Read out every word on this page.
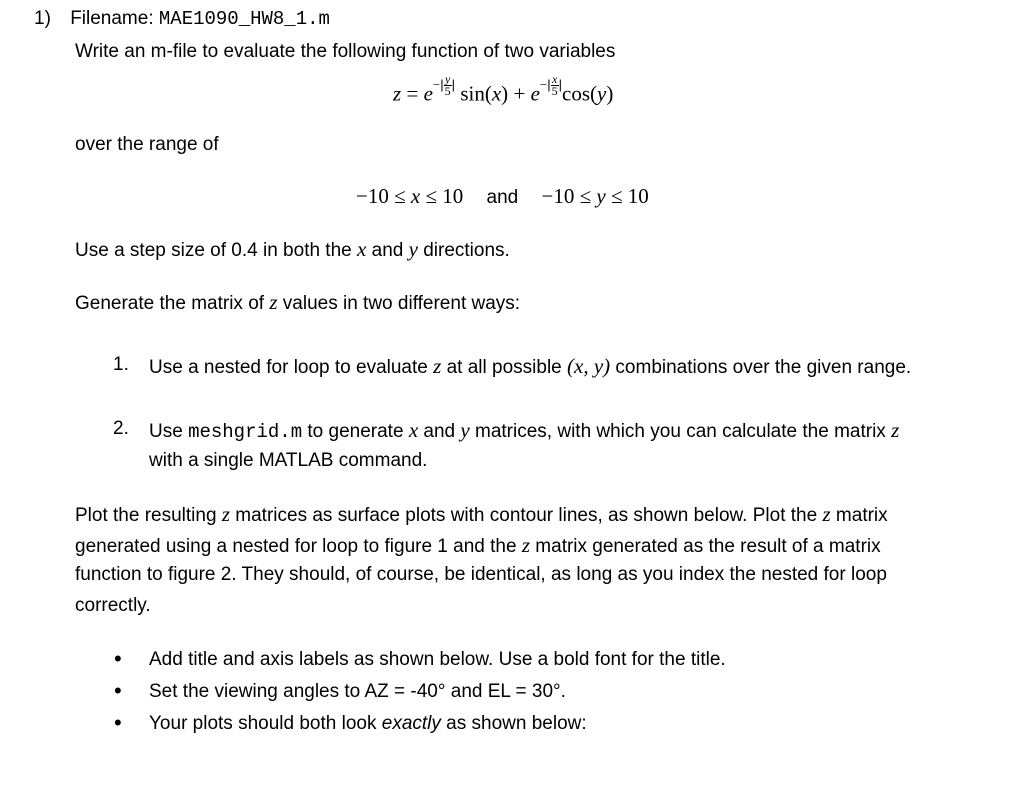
1) Filename: MAE1090_HW8_1.m
Write an m-file to evaluate the following function of two variables
$z = e^{-| \frac{y}{5} |}$ $\sin(x) + e^{-| \frac{x}{5} |}\cos(y)$
over the range of
−10 ≤ x ≤ 10 and −10 ≤ y ≤ 10
Use a step size of 0.4 in both the x and y directions.
Generate the matrix of z values in two different ways:
1. Use a nested for loop to evaluate z at all possible (x, y) combinations over the given range.
2. Use meshgrid.m to generate x and y matrices, with which you can calculate the matrix z
with a single MATLAB command.
Plot the resulting z matrices as surface plots with contour lines, as shown below. Plot the z matrix
generated using a nested for loop to figure 1 and the z matrix generated as the result of a matrix
function to figure 2. They should, of course, be identical, as long as you index the nested for loop
correctly.
• Add title and axis labels as shown below. Use a bold font for the title.
• Set the viewing angles to AZ = -40° and EL = 30°.
• Your plots should both look exactly as shown below:
